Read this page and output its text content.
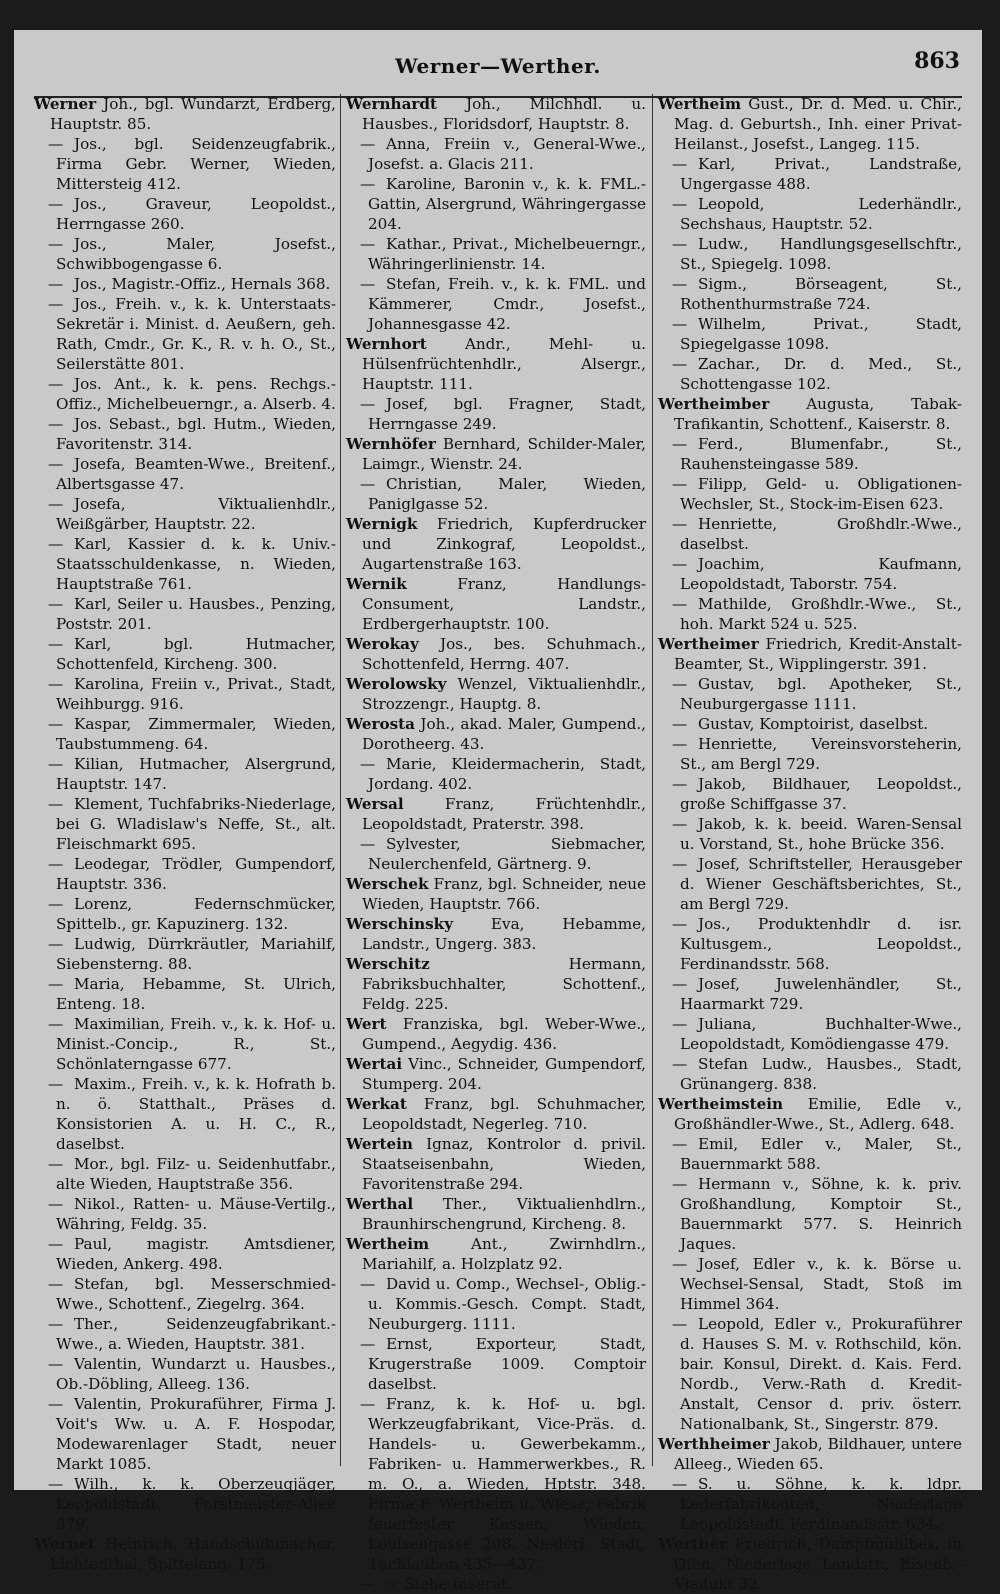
Werner—Werther.	863

Werner Joh., bgl. Wundarzt, Erdberg, Hauptstr. 85.

— Jos., bgl. Seidenzeugfabrik., Firma Gebr. Werner, Wieden, Mittersteig 412.

— Jos., Graveur, Leopoldst., Herrngasse 260.

— Jos., Maler, Josefst., Schwibbogengasse 6.

— Jos., Magistr.-Offiz., Hernals 368.

— Jos., Freih. v., k. k. Unterstaats-Sekretär i. Minist. d. Aeußern, geh. Rath, Cmdr., Gr. K., R. v. h. O., St., Seilerstätte 801.

— Jos. Ant., k. k. pens. Rechgs.-Offiz., Michelbeuerngr., a. Alserb. 4.

— Jos. Sebast., bgl. Hutm., Wieden, Favoritenstr. 314.

— Josefa, Beamten-Wwe., Breitenf., Albertsgasse 47.

— Josefa, Viktualienhdlr., Weißgärber, Hauptstr. 22.

— Karl, Kassier d. k. k. Univ.-Staatsschuldenkasse, n. Wieden, Hauptstraße 761.

— Karl, Seiler u. Hausbes., Penzing, Poststr. 201.

— Karl, bgl. Hutmacher, Schottenfeld, Kircheng. 300.

— Karolina, Freiin v., Privat., Stadt, Weihburgg. 916.

— Kaspar, Zimmermaler, Wieden, Taubstummeng. 64.

— Kilian, Hutmacher, Alsergrund, Hauptstr. 147.

— Klement, Tuchfabriks-Niederlage, bei G. Wladislaw's Neffe, St., alt. Fleischmarkt 695.

— Leodegar, Trödler, Gumpendorf, Hauptstr. 336.

— Lorenz, Federnschmücker, Spittelb., gr. Kapuzinerg. 132.

— Ludwig, Dürrkräutler, Mariahilf, Siebensterng. 88.

— Maria, Hebamme, St. Ulrich, Enteng. 18.

— Maximilian, Freih. v., k. k. Hof- u. Minist.-Concip., R., St., Schönlaterngasse 677.

— Maxim., Freih. v., k. k. Hofrath b. n. ö. Statthalt., Präses d. Konsistorien A. u. H. C., R., daselbst.

— Mor., bgl. Filz- u. Seidenhutfabr., alte Wieden, Hauptstraße 356.

— Nikol., Ratten- u. Mäuse-Vertilg., Währing, Feldg. 35.

— Paul, magistr. Amtsdiener, Wieden, Ankerg. 498.

— Stefan, bgl. Messerschmied-Wwe., Schottenf., Ziegelrg. 364.

— Ther., Seidenzeugfabrikant.-Wwe., a. Wieden, Hauptstr. 381.

— Valentin, Wundarzt u. Hausbes., Ob.-Döbling, Alleeg. 136.

— Valentin, Prokuraführer, Firma J. Voit's Ww. u. A. F. Hospodar, Modewarenlager Stadt, neuer Markt 1085.

— Wilh., k. k. Oberzeugjäger, Leopoldstadt, Forstmeister-Allee 379.

Wernet Heinrich, Handschuhmacher, Lichtenthal, Spittelang. 175.

Wernhardt Joh., Milchhdl. u. Hausbes., Floridsdorf, Hauptstr. 8.

— Anna, Freiin v., General-Wwe., Josefst. a. Glacis 211.

— Karoline, Baronin v., k. k. FML.-Gattin, Alsergrund, Währingergasse 204.

— Kathar., Privat., Michelbeuerngr., Währingerlinienstr. 14.

— Stefan, Freih. v., k. k. FML. und Kämmerer, Cmdr., Josefst., Johannesgasse 42.

Wernhort	Andr., Mehl- u. Hülsenfrüchtenhdlr., Alsergr., Hauptstr. 111.

— Josef, bgl. Fragner, Stadt, Herrngasse 249.

Wernhöfer Bernhard, Schilder-Maler, Laimgr., Wienstr. 24.

— Christian, Maler, Wieden, Paniglgasse 52.

Wernigk Friedrich, Kupferdrucker und Zinkograf, Leopoldst., Augartenstraße 163.

Wernik	Franz, Handlungs-Consument, Landstr., Erdbergerhauptstr. 100.

Werokay Jos., bes. Schuhmach., Schottenfeld, Herrng. 407.

Werolowsky Wenzel, Viktualienhdlr., Strozzengr., Hauptg. 8.

Werosta Joh., akad. Maler, Gumpend., Dorotheerg. 43.

— Marie, Kleidermacherin, Stadt, Jordang. 402.

Wersal	Franz, Früchtenhdlr., Leopoldstadt, Praterstr. 398.

— Sylvester, Siebmacher, Neulerchenfeld, Gärtnerg. 9.

Werschek Franz, bgl. Schneider, neue Wieden, Hauptstr. 766.

Werschinsky Eva, Hebamme, Landstr., Ungerg. 383.

Werschitz	Hermann, Fabriksbuchhalter, Schottenf., Feldg. 225.

Wert Franziska, bgl. Weber-Wwe., Gumpend., Aegydig. 436.

Wertai Vinc., Schneider, Gumpendorf, Stumperg. 204.

Werkat Franz, bgl. Schuhmacher, Leopoldstadt, Negerleg. 710.

Wertein Ignaz, Kontrolor d. privil. Staatseisenbahn, Wieden, Favoritenstraße 294.

Werthal Ther., Viktualienhdlrn., Braunhirschengrund, Kircheng. 8.

Wertheim	Ant., Zwirnhdlrn., Mariahilf, a. Holzplatz 92.

— David u. Comp., Wechsel-, Oblig.- u. Kommis.-Gesch. Compt. Stadt, Neuburgerg. 1111.

— Ernst, Exporteur, Stadt, Krugerstraße 1009. Comptoir daselbst.

— Franz, k. k. Hof- u. bgl. Werkzeugfabrikant, Vice-Präs. d. Handels- u. Gewerbekamm., Fabriken- u. Hammerwerkbes., R. m. O., a. Wieden, Hptstr. 348. Firma F. Wertheim u. Wiese, Fabrik feuerfester Kassen, Wieden, Louisengasse 208. Niederl. Stadt, Tuchlauben 435—437.

— ☞ Siehe Inserat.

Wertheim Gust., Dr. d. Med. u. Chir., Mag. d. Geburtsh., Inh. einer Privat-Heilanst., Josefst., Langeg. 115.

— Karl, Privat., Landstraße, Ungergasse 488.

— Leopold, Lederhändlr., Sechshaus, Hauptstr. 52.

— Ludw., Handlungsgesellschftr., St., Spiegelg. 1098.

— Sigm., Börseagent, St., Rothenthurmstraße 724.

— Wilhelm, Privat., Stadt, Spiegelgasse 1098.

— Zachar., Dr. d. Med., St., Schottengasse 102.

Wertheimber Augusta, Tabak-Trafikantin, Schottenf., Kaiserstr. 8.

— Ferd., Blumenfabr., St., Rauhensteingasse 589.

— Filipp, Geld- u. Obligationen-Wechsler, St., Stock-im-Eisen 623.

— Henriette, Großhdlr.-Wwe., daselbst.

— Joachim, Kaufmann, Leopoldstadt, Taborstr. 754.

— Mathilde, Großhdlr.-Wwe., St., hoh. Markt 524 u. 525.

Wertheimer Friedrich, Kredit-Anstalt-Beamter, St., Wipplingerstr. 391.

— Gustav, bgl. Apotheker, St., Neuburgergasse 1111.

— Gustav, Komptoirist, daselbst.

— Henriette, Vereinsvorsteherin, St., am Bergl 729.

— Jakob, Bildhauer, Leopoldst., große Schiffgasse 37.

— Jakob, k. k. beeid. Waren-Sensal u. Vorstand, St., hohe Brücke 356.

— Josef, Schriftsteller, Herausgeber d. Wiener Geschäftsberichtes, St., am Bergl 729.

— Jos., Produktenhdlr d. isr. Kultusgem., Leopoldst., Ferdinandsstr. 568.

— Josef, Juwelenhändler, St., Haarmarkt 729.

— Juliana, Buchhalter-Wwe., Leopoldstadt, Komödiengasse 479.

— Stefan Ludw., Hausbes., Stadt, Grünangerg. 838.

Wertheimstein Emilie, Edle v., Großhändler-Wwe., St., Adlerg. 648.

— Emil, Edler v., Maler, St., Bauernmarkt 588.

— Hermann v., Söhne, k. k. priv. Großhandlung, Komptoir St., Bauernmarkt 577. S. Heinrich Jaques.

— Josef, Edler v., k. k. Börse u. Wechsel-Sensal, Stadt, Stoß im Himmel 364.

— Leopold, Edler v., Prokuraführer d. Hauses S. M. v. Rothschild, kön. bair. Konsul, Direkt. d. Kais. Ferd. Nordb., Verw.-Rath d. Kredit-Anstalt, Censor d. priv. österr. Nationalbank, St., Singerstr. 879.

Werthheimer Jakob, Bildhauer, untere Alleeg., Wieden 65.

— S. u. Söhne, k. k. ldpr. Lederfabrikonten, Niederlage Leopoldstadt, Ferdinandsstr. 634.

Werther Friedrich, Dampfmühlbes. in Ofen, Niederlage Landstr., Eisenb.-Viadukt 32.
